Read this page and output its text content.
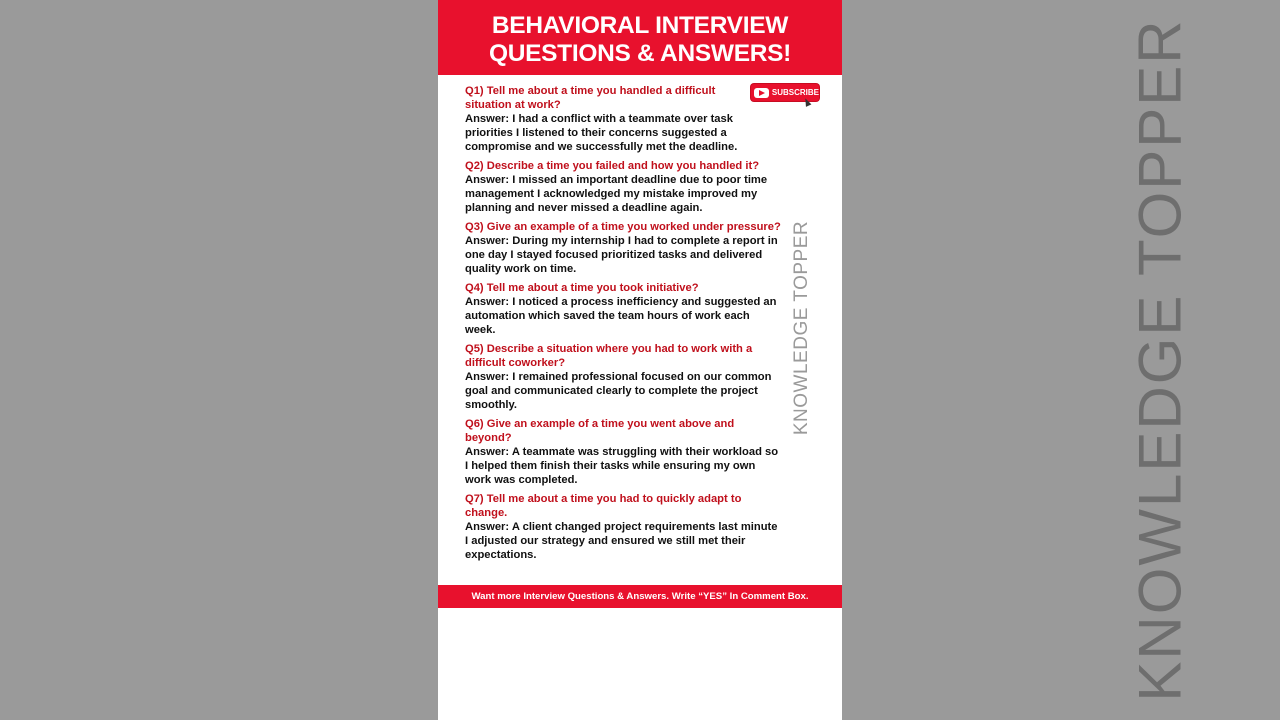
KNOWLEDGE TOPPER
BEHAVIORAL INTERVIEW
QUESTIONS & ANSWERS!
KNOWLEDGE TOPPER
Q1) Tell me about a time you handled a difficult situation at work?
Answer: I had a conflict with a teammate over task priorities I listened to their concerns suggested a compromise and we successfully met the deadline.
Q2) Describe a time you failed and how you handled it?
Answer: I missed an important deadline due to poor time management I acknowledged my mistake improved my planning and never missed a deadline again.
Q3) Give an example of a time you worked under pressure?
Answer: During my internship I had to complete a report in one day I stayed focused prioritized tasks and delivered quality work on time.
Q4) Tell me about a time you took initiative?
Answer: I noticed a process inefficiency and suggested an automation which saved the team hours of work each week.
Q5) Describe a situation where you had to work with a difficult coworker?
Answer: I remained professional focused on our common goal and communicated clearly to complete the project smoothly.
Q6) Give an example of a time you went above and beyond?
Answer: A teammate was struggling with their workload so I helped them finish their tasks while ensuring my own work was completed.
Q7) Tell me about a time you had to quickly adapt to change.
Answer: A client changed project requirements last minute I adjusted our strategy and ensured we still met their expectations.
SUBSCRIBE
Want more Interview Questions & Answers. Write “YES” In Comment Box.
